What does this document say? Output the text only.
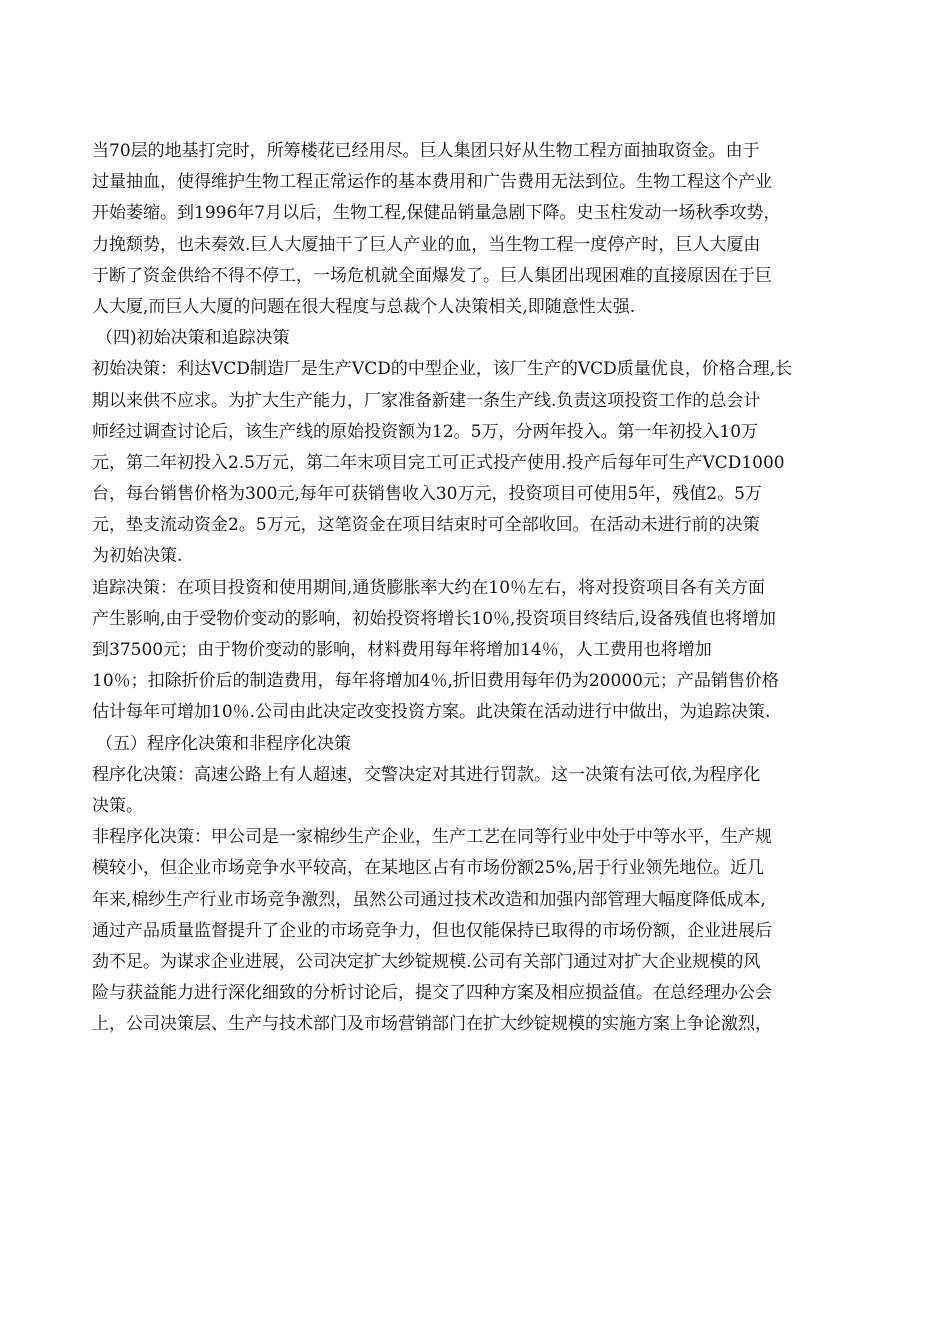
当70层的地基打完时，所筹楼花已经用尽。巨人集团只好从生物工程方面抽取资金。由于
过量抽血，使得维护生物工程正常运作的基本费用和广告费用无法到位。生物工程这个产业
开始萎缩。到1996年7月以后，生物工程,保健品销量急剧下降。史玉柱发动一场秋季攻势，
力挽颓势，也未奏效.巨人大厦抽干了巨人产业的血，当生物工程一度停产时，巨人大厦由
于断了资金供给不得不停工，一场危机就全面爆发了。巨人集团出现困难的直接原因在于巨
人大厦,而巨人大厦的问题在很大程度与总裁个人决策相关,即随意性太强.
（四)初始决策和追踪决策
初始决策：利达VCD制造厂是生产VCD的中型企业，该厂生产的VCD质量优良，价格合理,长
期以来供不应求。为扩大生产能力，厂家准备新建一条生产线.负责这项投资工作的总会计
师经过调查讨论后，该生产线的原始投资额为12。5万，分两年投入。第一年初投入10万
元，第二年初投入2.5万元，第二年末项目完工可正式投产使用.投产后每年可生产VCD1000
台，每台销售价格为300元,每年可获销售收入30万元，投资项目可使用5年，残值2。5万
元，垫支流动资金2。5万元，这笔资金在项目结束时可全部收回。在活动未进行前的决策
为初始决策.
追踪决策：在项目投资和使用期间,通货膨胀率大约在10％左右，将对投资项目各有关方面
产生影响,由于受物价变动的影响，初始投资将增长10％,投资项目终结后,设备残值也将增加
到37500元；由于物价变动的影响，材料费用每年将增加14％，人工费用也将增加
10％；扣除折价后的制造费用，每年将增加4％,折旧费用每年仍为20000元；产品销售价格
估计每年可增加10％.公司由此决定改变投资方案。此决策在活动进行中做出，为追踪决策.
（五）程序化决策和非程序化决策
程序化决策：高速公路上有人超速，交警决定对其进行罚款。这一决策有法可依,为程序化
决策。
非程序化决策：甲公司是一家棉纱生产企业，生产工艺在同等行业中处于中等水平，生产规
模较小，但企业市场竞争水平较高，在某地区占有市场份额25%,居于行业领先地位。近几
年来,棉纱生产行业市场竞争激烈，虽然公司通过技术改造和加强内部管理大幅度降低成本,
通过产品质量监督提升了企业的市场竞争力，但也仅能保持已取得的市场份额，企业进展后
劲不足。为谋求企业进展，公司决定扩大纱锭规模.公司有关部门通过对扩大企业规模的风
险与获益能力进行深化细致的分析讨论后，提交了四种方案及相应损益值。在总经理办公会
上，公司决策层、生产与技术部门及市场营销部门在扩大纱锭规模的实施方案上争论激烈，
